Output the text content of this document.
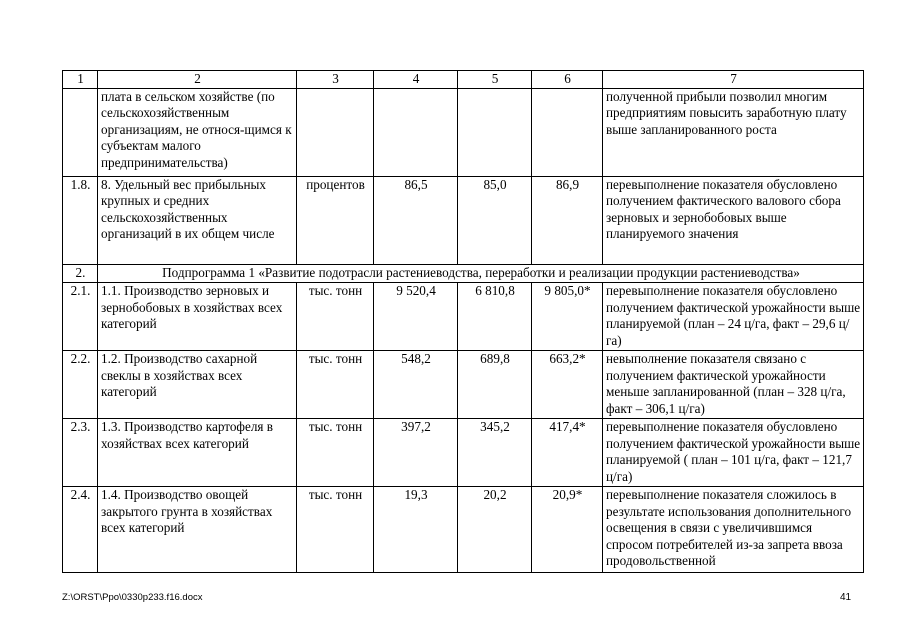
1	2	3	4	5	6	7
	плата в сельском хозяйстве (по сельскохозяйственным организациям, не относя-щимся к субъектам малого предпринимательства)					полученной прибыли позволил многим предприятиям повысить заработную плату выше запланированного роста
1.8.	8. Удельный вес прибыльных крупных и средних сельскохозяйственных организаций в их общем числе	процентов	86,5	85,0	86,9	перевыполнение показателя обусловлено получением фактического валового сбора зерновых и зернобобовых выше планируемого значения
2.	Подпрограмма 1 «Развитие подотрасли растениеводства, переработки и реализации продукции растениеводства»					
2.1.	1.1. Производство зерновых и зернобобовых в хозяйствах всех категорий	тыс. тонн	9 520,4	6 810,8	9 805,0*	перевыполнение показателя обусловлено получением фактической урожайности выше планируемой (план – 24 ц/га, факт – 29,6 ц/га)
2.2.	1.2. Производство сахарной свеклы в хозяйствах всех категорий	тыс. тонн	548,2	689,8	663,2*	невыполнение показателя связано с получением фактической урожайности меньше запланированной (план – 328 ц/га, факт – 306,1 ц/га)
2.3.	1.3. Производство картофеля в хозяйствах всех категорий	тыс. тонн	397,2	345,2	417,4*	перевыполнение показателя обусловлено получением фактической урожайности выше планируемой ( план – 101 ц/га, факт – 121,7 ц/га)
2.4.	1.4. Производство овощей закрытого грунта в хозяйствах всех категорий	тыс. тонн	19,3	20,2	20,9*	перевыполнение показателя сложилось в результате использования дополнительного освещения в связи с увеличившимся спросом потребителей из-за запрета ввоза продовольственной
Z:\ORST\Ppo\0330p233.f16.docx	41
